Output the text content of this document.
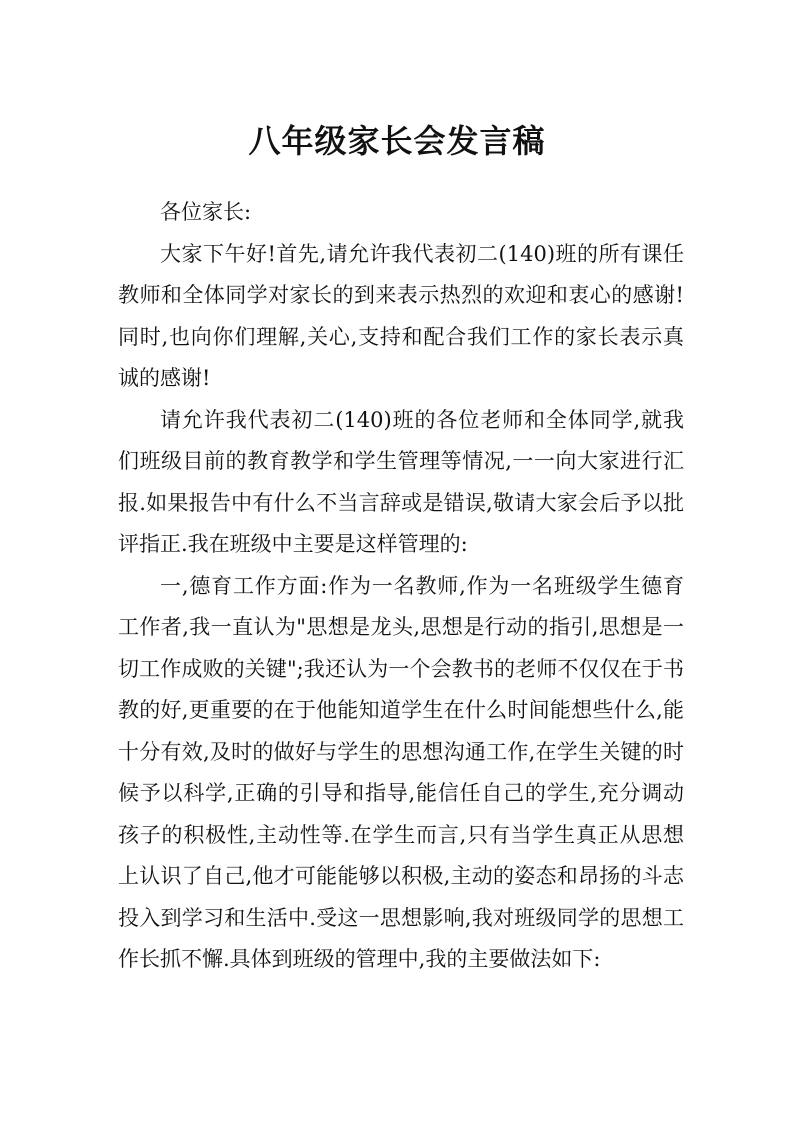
八年级家长会发言稿

各位家长:

大家下午好!首先,请允许我代表初二(140)班的所有课任教师和全体同学对家长的到来表示热烈的欢迎和衷心的感谢!同时,也向你们理解,关心,支持和配合我们工作的家长表示真诚的感谢!

请允许我代表初二(140)班的各位老师和全体同学,就我们班级目前的教育教学和学生管理等情况,一一向大家进行汇报.如果报告中有什么不当言辞或是错误,敬请大家会后予以批评指正.我在班级中主要是这样管理的:

一,德育工作方面:作为一名教师,作为一名班级学生德育工作者,我一直认为"思想是龙头,思想是行动的指引,思想是一切工作成败的关键";我还认为一个会教书的老师不仅仅在于书教的好,更重要的在于他能知道学生在什么时间能想些什么,能十分有效,及时的做好与学生的思想沟通工作,在学生关键的时候予以科学,正确的引导和指导,能信任自己的学生,充分调动孩子的积极性,主动性等.在学生而言,只有当学生真正从思想上认识了自己,他才可能能够以积极,主动的姿态和昂扬的斗志投入到学习和生活中.受这一思想影响,我对班级同学的思想工作长抓不懈.具体到班级的管理中,我的主要做法如下:
